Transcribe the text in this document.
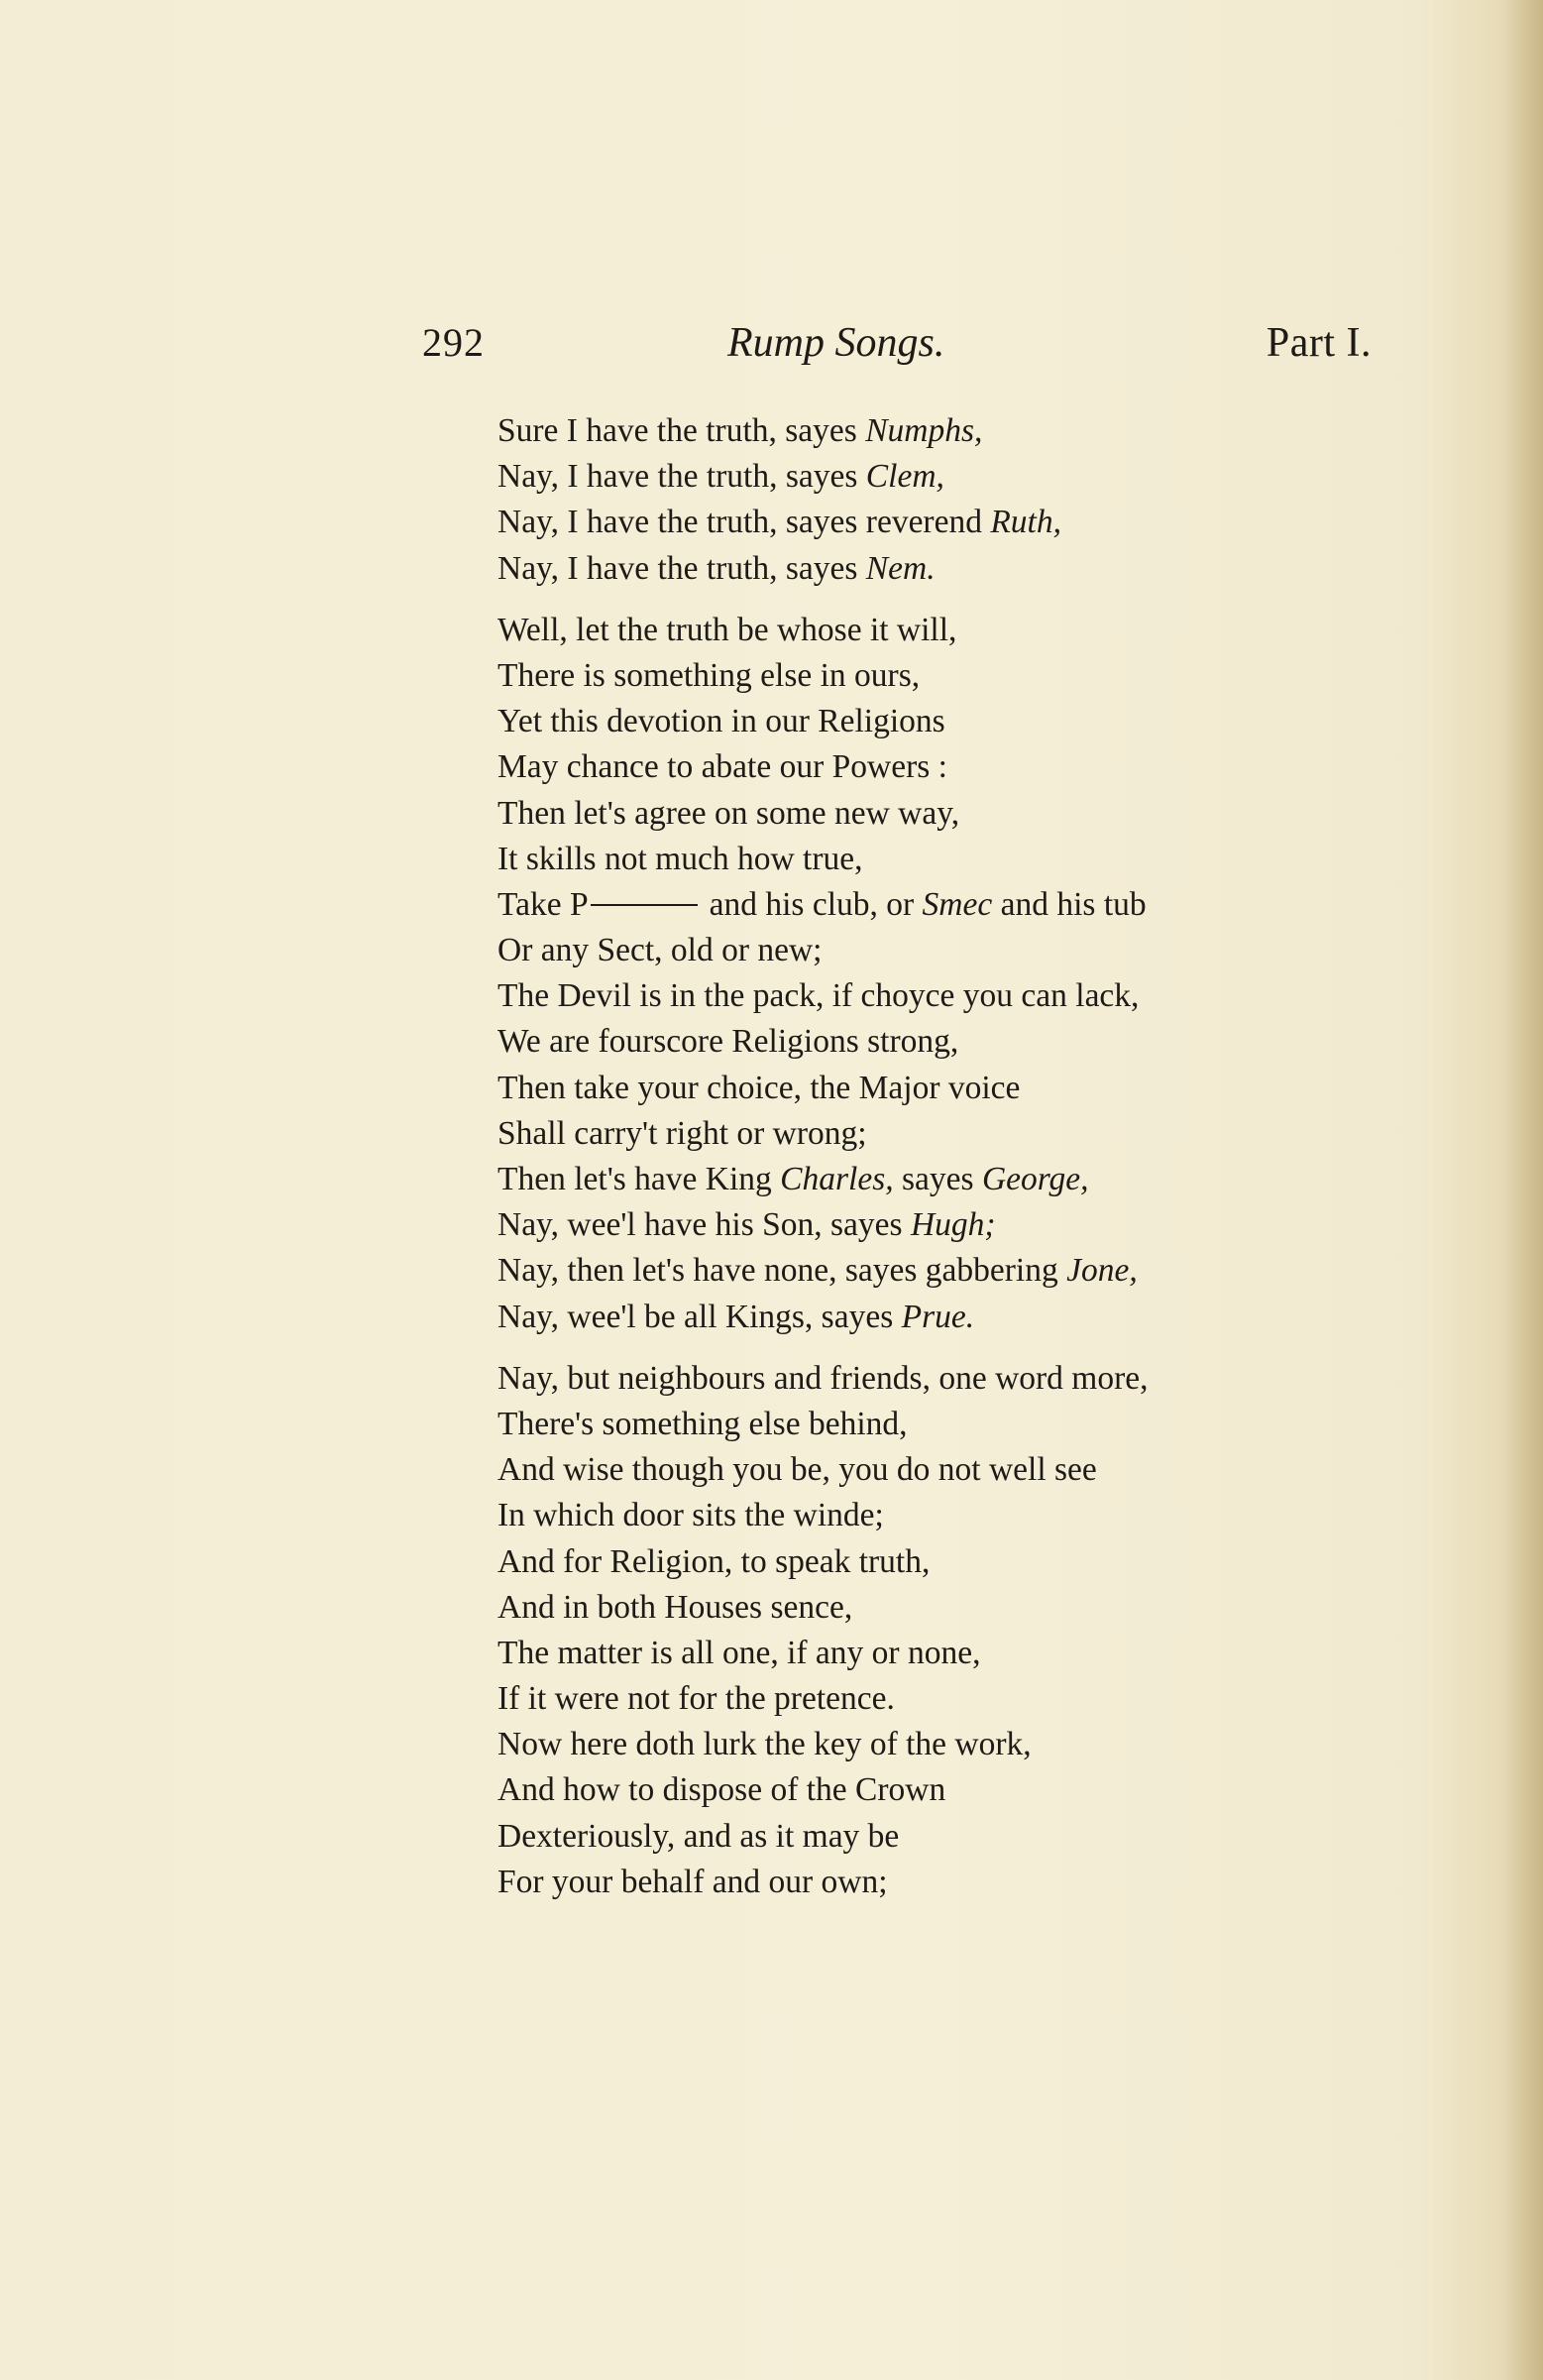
292	Rump Songs.	Part I.
Sure I have the truth, sayes Numphs,
Nay, I have the truth, sayes Clem,
Nay, I have the truth, sayes reverend Ruth,
Nay, I have the truth, sayes Nem.
Well, let the truth be whose it will,
There is something else in ours,
Yet this devotion in our Religions
May chance to abate our Powers :
Then let's agree on some new way,
It skills not much how true,
Take P	and his club, or Smec and his tub
Or any Sect, old or new;
The Devil is in the pack, if choyce you can lack,
We are fourscore Religions strong,
Then take your choice, the Major voice
Shall carry't right or wrong;
Then let's have King Charles, sayes George,
Nay, wee'l have his Son, sayes Hugh;
Nay, then let's have none, sayes gabbering Jone,
Nay, wee'l be all Kings, sayes Prue.
Nay, but neighbours and friends, one word more,
There's something else behind,
And wise though you be, you do not well see
In which door sits the winde;
And for Religion, to speak truth,
And in both Houses sence,
The matter is all one, if any or none,
If it were not for the pretence.
Now here doth lurk the key of the work,
And how to dispose of the Crown
Dexteriously, and as it may be
For your behalf and our own;
